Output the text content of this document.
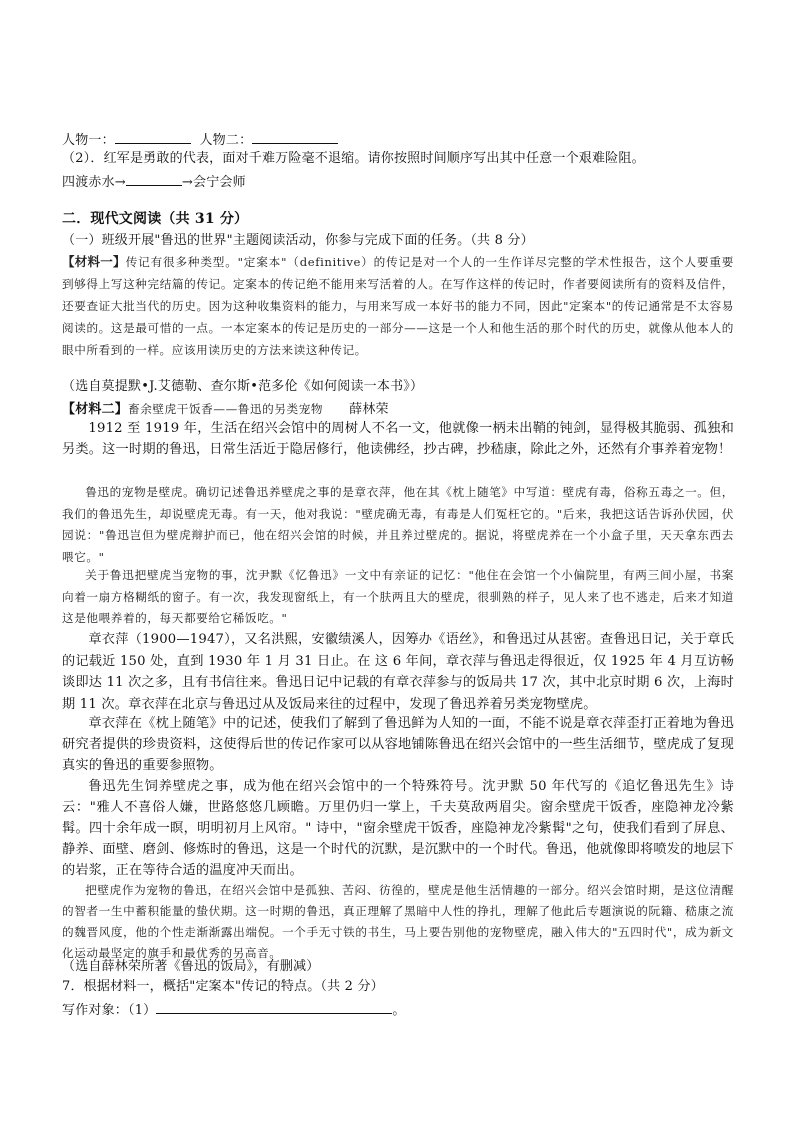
人物一：	人物二：
（2）．红军是勇敢的代表，面对千难万险毫不退缩。请你按照时间顺序写出其中任意一个艰难险阻。
四渡赤水→	→会宁会师
二．现代文阅读（共 31 分）
（一）班级开展"鲁迅的世界"主题阅读活动，你参与完成下面的任务。（共 8 分）
【材料一】传记有很多种类型。"定案本"（definitive）的传记是对一个人的一生作详尽完整的学术性报告，这个人要重要到够得上写这种完结篇的传记。定案本的传记绝不能用来写活着的人。在写作这样的传记时，作者要阅读所有的资料及信件，还要查证大批当代的历史。因为这种收集资料的能力，与用来写成一本好书的能力不同，因此"定案本"的传记通常是不太容易阅读的。这是最可惜的一点。一本定案本的传记是历史的一部分——这是一个人和他生活的那个时代的历史，就像从他本人的眼中所看到的一样。应该用读历史的方法来读这种传记。
（选自莫提默•J.艾德勒、查尔斯•范多伦《如何阅读一本书》）
【材料二】畜余壁虎干饭香——鲁迅的另类宠物 薛林荣
1912 至 1919 年，生活在绍兴会馆中的周树人不名一文，他就像一柄未出鞘的钝剑，显得极其脆弱、孤独和另类。这一时期的鲁迅，日常生活近于隐居修行，他读佛经，抄古碑，抄嵇康，除此之外，还然有介事养着宠物！
鲁迅的宠物是壁虎。确切记述鲁迅养壁虎之事的是章衣萍，他在其《枕上随笔》中写道：壁虎有毒，俗称五毒之一。但，我们的鲁迅先生，却说壁虎无毒。有一天，他对我说："壁虎确无毒，有毒是人们冤枉它的。"后来，我把这话告诉孙伏园，伏园说："鲁迅岂但为壁虎辩护而已，他在绍兴会馆的时候，并且养过壁虎的。据说，将壁虎养在一个小盒子里，天天拿东西去喂它。"
关于鲁迅把壁虎当宠物的事，沈尹默《忆鲁迅》一文中有亲证的记忆："他住在会馆一个小偏院里，有两三间小屋，书案向着一扇方格糊纸的窗子。有一次，我发现窗纸上，有一个肤两且大的壁虎，很驯熟的样子，见人来了也不逃走，后来才知道这是他喂养着的，每天都要给它稀饭吃。"
章衣萍（1900—1947），又名洪熙，安徽绩溪人，因筹办《语丝》，和鲁迅过从甚密。查鲁迅日记，关于章氏的记载近 150 处，直到 1930 年 1 月 31 日止。在 这 6 年间，章衣萍与鲁迅走得很近，仅 1925 年 4 月互访畅谈即达 11 次之多，且有书信往来。鲁迅日记中记载的有章衣萍参与的饭局共 17 次，其中北京时期 6 次，上海时期 11 次。章衣萍在北京与鲁迅过从及饭局来往的过程中，发现了鲁迅养着另类宠物壁虎。
章衣萍在《枕上随笔》中的记述，使我们了解到了鲁迅鲜为人知的一面，不能不说是章衣萍歪打正着地为鲁迅研究者提供的珍贵资料，这使得后世的传记作家可以从容地铺陈鲁迅在绍兴会馆中的一些生活细节，壁虎成了复现真实的鲁迅的重要参照物。
鲁迅先生饲养壁虎之事，成为他在绍兴会馆中的一个特殊符号。沈尹默 50 年代写的《追忆鲁迅先生》诗云："雅人不喜俗人嫌，世路悠悠几顾瞻。万里仍归一掌上，千夫莫敌两眉尖。窗余壁虎干饭香，座隐神龙冷紫髯。四十余年成一瞑，明明初月上风帘。" 诗中，"窗余壁虎干饭香，座隐神龙冷紫髯"之句，使我们看到了屏息、静养、面壁、磨剑、修炼时的鲁迅，这是一个时代的沉默，是沉默中的一个时代。鲁迅，他就像即将喷发的地层下的岩浆，正在等待合适的温度冲天而出。
把壁虎作为宠物的鲁迅，在绍兴会馆中是孤独、苦闷、彷徨的，壁虎是他生活情趣的一部分。绍兴会馆时期，是这位清醒的智者一生中蓄积能量的蛰伏期。这一时期的鲁迅，真正理解了黑暗中人性的挣扎，理解了他此后专题演说的阮籍、嵇康之流的魏晋风度，他的个性走渐渐露出端倪。一个手无寸铁的书生，马上要告别他的宠物壁虎，融入伟大的"五四时代"，成为新文化运动最坚定的旗手和最优秀的另高音。
（选自薛林荣所著《鲁迅的饭局》，有删减）
7．根据材料一，概括"定案本"传记的特点。（共 2 分）
写作对象：（1）	。
